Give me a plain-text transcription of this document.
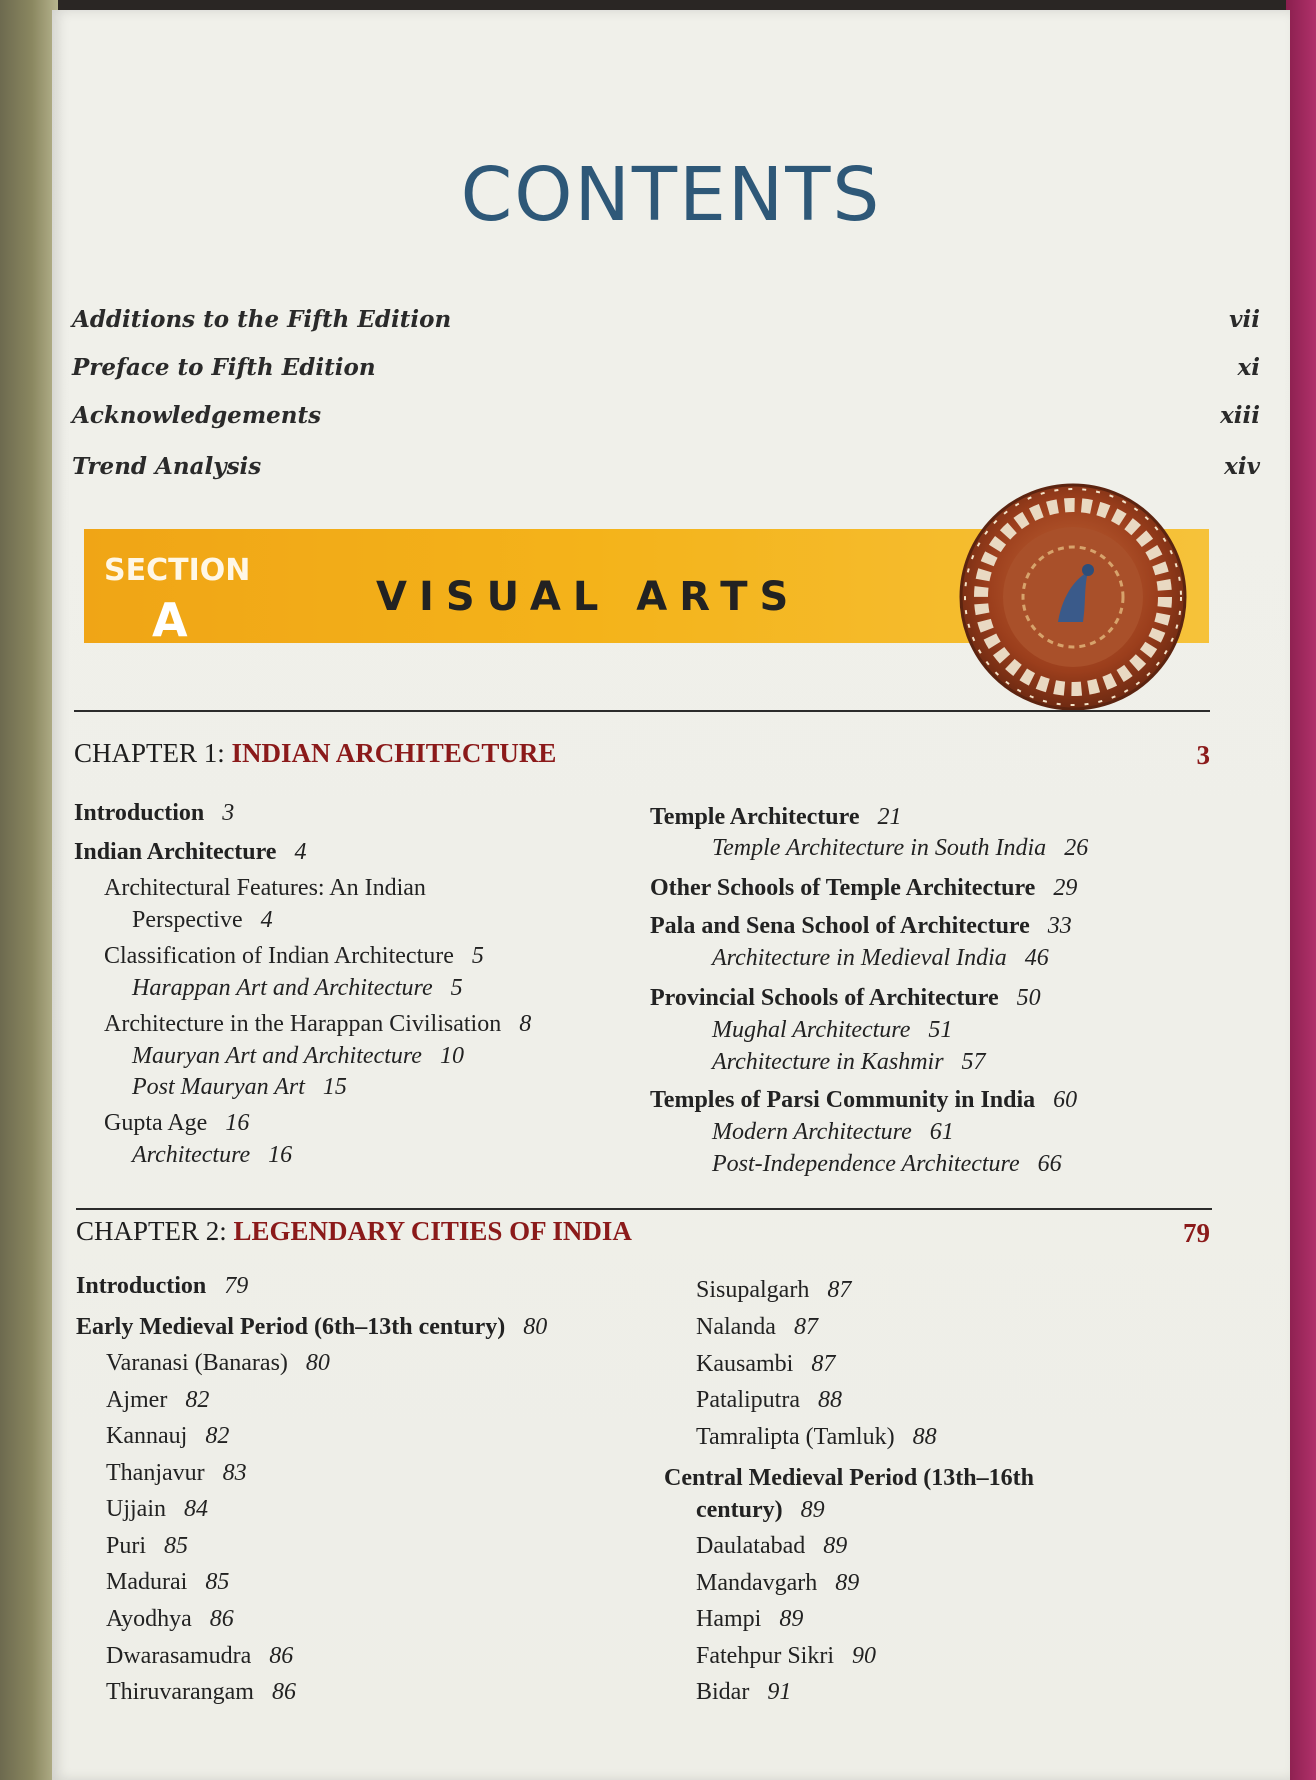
CONTENTS
Additions to the Fifth Edition	vii
Preface to Fifth Edition	xi
Acknowledgements	xiii
Trend Analysis	xiv
SECTION
A	VISUAL ARTS
CHAPTER 1: INDIAN ARCHITECTURE	3
Introduction 3
Indian Architecture 4
Architectural Features: An Indian
Perspective 4
Classification of Indian Architecture 5
Harappan Art and Architecture 5
Architecture in the Harappan Civilisation 8
Mauryan Art and Architecture 10
Post Mauryan Art 15
Gupta Age 16
Architecture 16
Temple Architecture 21
Temple Architecture in South India 26
Other Schools of Temple Architecture 29
Pala and Sena School of Architecture 33
Architecture in Medieval India 46
Provincial Schools of Architecture 50
Mughal Architecture 51
Architecture in Kashmir 57
Temples of Parsi Community in India 60
Modern Architecture 61
Post-Independence Architecture 66
CHAPTER 2: LEGENDARY CITIES OF INDIA	79
Introduction 79
Early Medieval Period (6th–13th century) 80
Varanasi (Banaras) 80
Ajmer 82
Kannauj 82
Thanjavur 83
Ujjain 84
Puri 85
Madurai 85
Ayodhya 86
Dwarasamudra 86
Thiruvarangam 86
Sisupalgarh 87
Nalanda 87
Kausambi 87
Pataliputra 88
Tamralipta (Tamluk) 88
Central Medieval Period (13th–16th
century) 89
Daulatabad 89
Mandavgarh 89
Hampi 89
Fatehpur Sikri 90
Bidar 91
